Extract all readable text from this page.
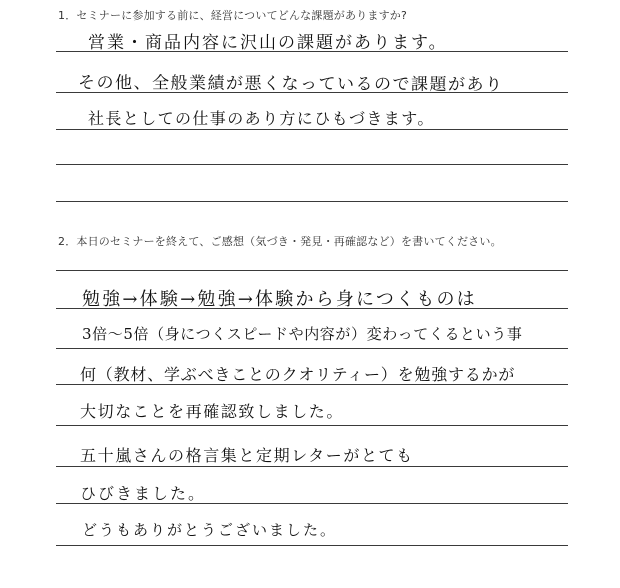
1．セミナーに参加する前に、経営についてどんな課題がありますか?
営業・商品内容に沢山の課題があります。
その他、全般業績が悪くなっているので課題があり
社長としての仕事のあり方にひもづきます。
2．本日のセミナーを終えて、ご感想（気づき・発見・再確認など）を書いてください。
勉強→体験→勉強→体験から身につくものは
3倍～5倍（身につくスピードや内容が）変わってくるという事
何（教材、学ぶべきことのクオリティー）を勉強するかが
大切なことを再確認致しました。
五十嵐さんの格言集と定期レターがとても
ひびきました。
どうもありがとうございました。
